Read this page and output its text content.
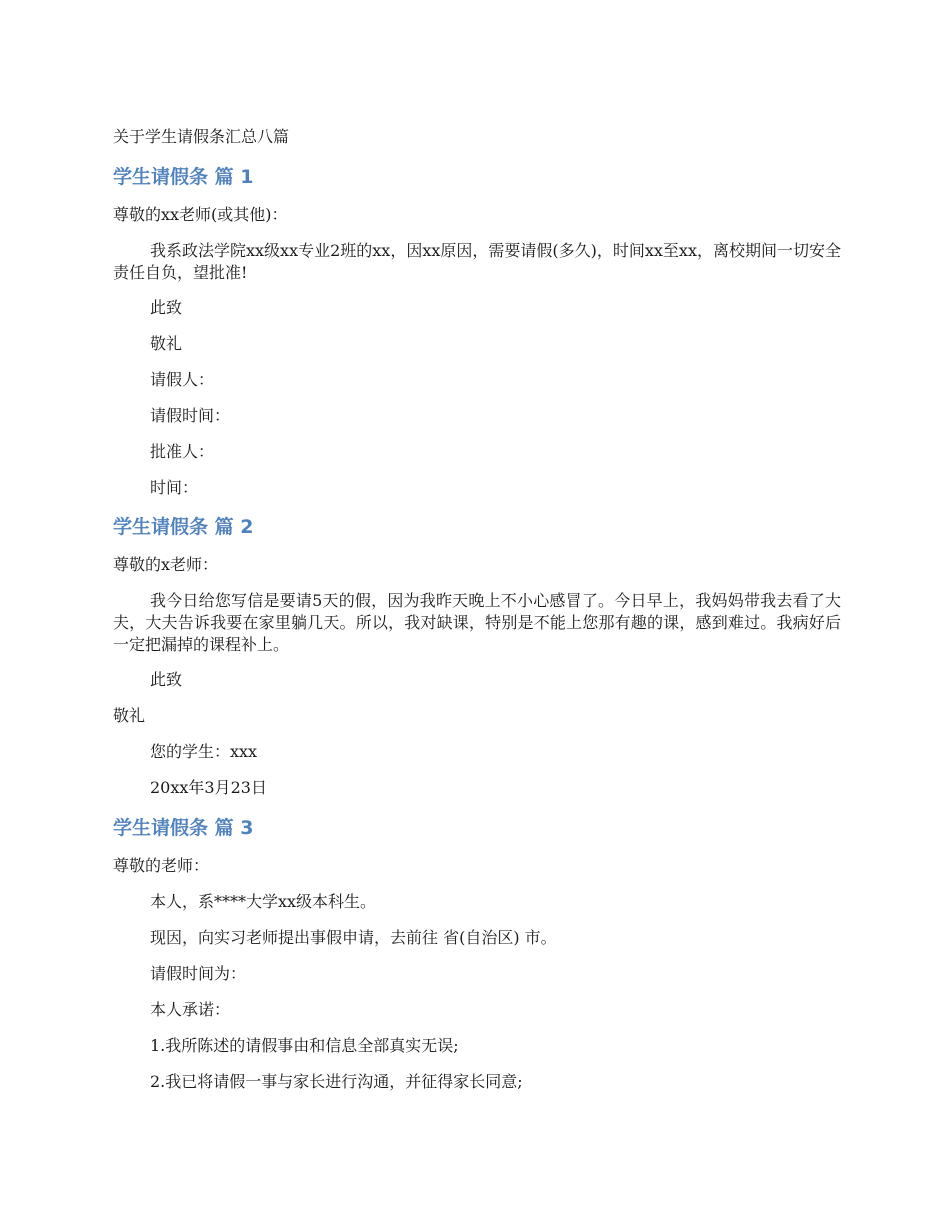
关于学生请假条汇总八篇
学生请假条 篇 1
尊敬的xx老师(或其他)：
我系政法学院xx级xx专业2班的xx，因xx原因，需要请假(多久)，时间xx至xx，离校期间一切安全责任自负，望批准!
此致
敬礼
请假人：
请假时间：
批准人：
时间：
学生请假条 篇 2
尊敬的x老师：
我今日给您写信是要请5天的假，因为我昨天晚上不小心感冒了。今日早上，我妈妈带我去看了大夫，大夫告诉我要在家里躺几天。所以，我对缺课，特别是不能上您那有趣的课，感到难过。我病好后一定把漏掉的课程补上。
此致
敬礼
您的学生：xxx
20xx年3月23日
学生请假条 篇 3
尊敬的老师：
本人，系****大学xx级本科生。
现因，向实习老师提出事假申请，去前往 省(自治区) 市。
请假时间为：
本人承诺：
1.我所陈述的请假事由和信息全部真实无误;
2.我已将请假一事与家长进行沟通，并征得家长同意;
